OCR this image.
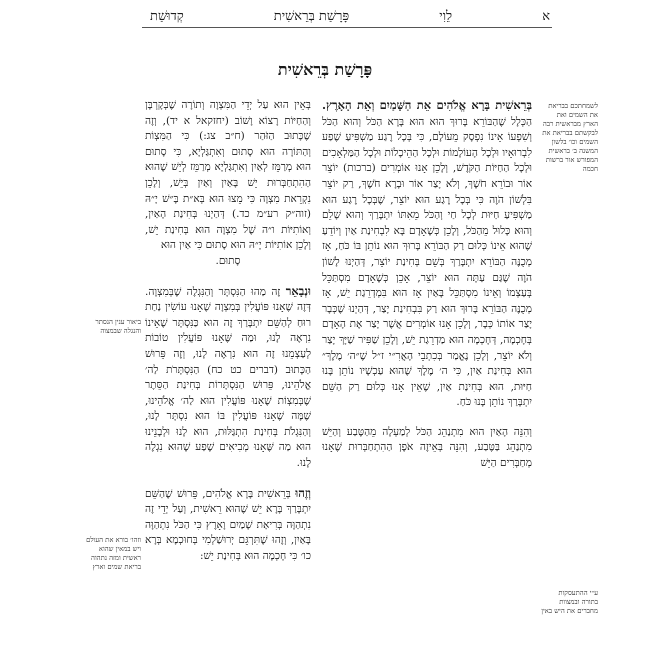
א
לֵוִי
פָּרָשַׁת בְּרֵאשִׁית
קְדוּשַׁת
פָּרָשַׁת בְּרֵאשִׁית
לשמחתכם בבריאת את השמים ואת הארץ מבראשית רבה לבקשתם בבריאת את השמים וכו׳ בלשון המשנה ב׳ בראשית המפורש אור ברשות חכמה
ביאור ענין הנסתר והנגלה שבמצוה
וזהו׳ בורא את העולם ויש במאין שהוא ראשית ומזה נתהוה בריאת שמים וארץ
ע״י ההתעסקות בתורה ובמצוות מחברים את היש באין

בְּרֵאשִׁית בָּרָא אֱלֹהִים אֵת הַשָּׁמַיִם וְאֵת הָאָרֶץ. הַכְּלָל שֶׁהַבּוֹרֵא בָּרוּךְ הוּא הוּא בָּרָא הַכֹּל וְהוּא הַכֹּל וְשִׁפְעוֹ אֵינוֹ נִפְסָק מֵעוֹלָם, כִּי בְּכָל רֶגַע מַשְׁפִּיעַ שֶׁפַע לִבְרוּאָיו וּלְכָל הָעוֹלָמוֹת וּלְכָל הַהֵיכָלוֹת וּלְכָל הַמַּלְאָכִים וּלְכָל הַחַיּוֹת הַקֹּדֶשׁ, וְלָכֵן אָנוּ אוֹמְרִים (ברכות) יוֹצֵר אוֹר וּבוֹרֵא חֹשֶׁךְ, וְלֹא יָצַר אוֹר וּבָרָא חֹשֶׁךְ, רַק יוֹצֵר בִּלְשׁוֹן הֹוֶה כִּי בְּכָל רֶגַע הוּא יוֹצֵר, שֶׁבְּכָל רֶגַע הוּא מַשְׁפִּיעַ חַיּוּת לְכָל חַי וְהַכֹּל מֵאִתּוֹ יִתְבָּרַךְ וְהוּא שָׁלֵם וְהוּא כָּלוּל מֵהַכֹּל, וְלָכֵן כְּשֶׁאָדָם בָּא לִבְחִינַת אַיִן וְיוֹדֵעַ שֶׁהוּא אֵינוֹ כְּלוּם רַק הַבּוֹרֵא בָּרוּךְ הוּא נוֹתֵן בּוֹ כֹּחַ, אָז מְכֻנֶּה הַבּוֹרֵא יִתְבָּרַךְ בְּשֵׁם בְּחִינַת יוֹצֵר, דְּהַיְנוּ לָשׁוֹן הֹוֶה שֶׁגַּם עַתָּה הוּא יוֹצֵר, אָכֵן כְּשֶׁאָדָם מִסְתַּכֵּל בְּעַצְמוֹ וְאֵינוֹ מִסְתַּכֵּל בָּאַיִן אָז הוּא בִּמְדְרֵגַת יֵשׁ, אָז מְכֻנֶּה הַבּוֹרֵא בָּרוּךְ הוּא רַק בִּבְחִינַת יָצַר, דְּהַיְנוּ שֶׁכְּבָר יָצַר אוֹתוֹ כְּבָר, וְלָכֵן אָנוּ אוֹמְרִים אֲשֶׁר יָצַר אֶת הָאָדָם בְּחָכְמָה, דְּחָכְמָה הוּא מַדְרֵגַת יֵשׁ, וְלָכֵן שַׁפִּיר שַׁיָּךְ יָצַר וְלֹא יוֹצֵר, וְלָכֵן נֶאֱמַר בְּכִתְבֵי הָאֲרִ״י ז״ל שֶׁ״ה׳ מֶלֶךְ״ הוּא בְּחִינַת אַיִן, כִּי ה׳ מֶלֶךְ שֶׁהוּא עַכְשָׁיו נוֹתֵן בָּנוּ חַיּוּת, הוּא בְּחִינַת אַיִן, שֶׁאֵין אָנוּ כְּלוּם רַק הַשֵּׁם יִתְבָּרַךְ נוֹתֵן בָּנוּ כֹּחַ.

וְהִנֵּה הָאַיִן הוּא מִתְנַהֵג הַכֹּל לְמַעְלָה מֵהַטֶּבַע וְהַיֵּשׁ מִתְנַהֵג בַּטֶּבַע, וְהִנֵּה בְּאֵיזֶה אֹפֶן הַהִתְחַבְּרוּת שֶׁאָנוּ מְחַבְּרִים הַיֵּשׁ

בְּאֵין הוּא עַל יְדֵי הַמִּצְוָה וְתוֹרָה שֶׁבְּקָרְבָּן וְהַחַיּוֹת רָצוֹא וָשׁוֹב (יחזקאל א יד), וְזֶה שֶׁכָּתוּב הַזֹּהַר (ח״ב צג:) כִּי הַמִּצְוֹת וְהַתּוֹרָה הוּא סָתוּם וְאִתְגַּלְיָא, כִּי סָתוּם הוּא מְרַמֵּז לְאַיִן וְאִתְגַּלְיָא מְרַמֵּז לְיֵשׁ שֶׁהוּא הַהִתְחַבְּרוּת יֵשׁ בָּאַיִן וְאַיִן בְּיֵשׁ, וְלָכֵן נִקְרֵאת מִצְוָה כִּי מֵצוּ הוּא בְּא״ת בָּ״שׁ יָ״הּ (זוה״ק רע״מ כד.) דְּהַיְנוּ בְּחִינַת הָאַיִן, וְאוֹתִיּוֹת ו״ה שֶׁל מִצְוָה הוּא בְּחִינַת יֵשׁ, וְלָכֵן אוֹתִיּוֹת יָ״הּ הוּא סָתוּם כִּי אַיִן הוּא

סָתוּם.

וּנְבָאֵר זֶה מַהוּ הַנִּסְתָּר וְהַנִּגְלֶה שֶׁבְּמִצְוָה. דְּזֶה שֶׁאָנוּ פּוֹעֲלִין בְּמִצְוָה שֶׁאָנוּ עוֹשִׂין נַחַת רוּחַ לְהַשֵּׁם יִתְבָּרַךְ זֶה הוּא כַּנִּסְתָּר שֶׁאֵינוֹ נִרְאֶה לָנוּ, וּמַה שֶּׁאָנוּ פּוֹעֲלִין טוֹבוֹת לְעַצְמֵנוּ זֶה הוּא נִרְאֶה לָנוּ, וְזֶה פֵּרוּשׁ הַכָּתוּב (דברים כט כח) הַנִּסְתָּרֹת לַה׳ אֱלֹהֵינוּ, פֵּרוּשׁ הַנִּסְתָּרוֹת בְּחִינַת הַסֵּתֶר שֶׁבְּמִצְוֹת שֶׁאָנוּ פּוֹעֲלִין הוּא לַה׳ אֱלֹהֵינוּ, שֶׁמָּה שֶׁאָנוּ פּוֹעֲלִין בּוֹ הוּא נִסְתָּר לָנוּ, וְהַנִּגְלֹת בְּחִינַת הִתְגַּלּוּת, הוּא לָנוּ וּלְבָנֵינוּ הוּא מַה שֶּׁאָנוּ מְבִיאִים שֶׁפַע שֶׁהוּא נִגְלֶה לָנוּ.

וְזֶהוּ בְּרֵאשִׁית בָּרָא אֱלֹהִים, פֵּרוּשׁ שֶׁהַשֵּׁם יִתְבָּרַךְ בָּרָא יֵשׁ שֶׁהוּא רֵאשִׁית, וְעַל יְדֵי זֶה נִתְהַוָּה בְּרִיאַת שָׁמַיִם וָאָרֶץ כִּי הַכֹּל נִתְהַוָּה בָּאַיִן, וְזֶהוּ שֶׁתִּרְגֵּם יְרוּשַׁלְמִי בְּחוּכְמָא בְּרָא כו׳ כִּי חָכְמָה הוּא בְּחִינַת יֵשׁ:
